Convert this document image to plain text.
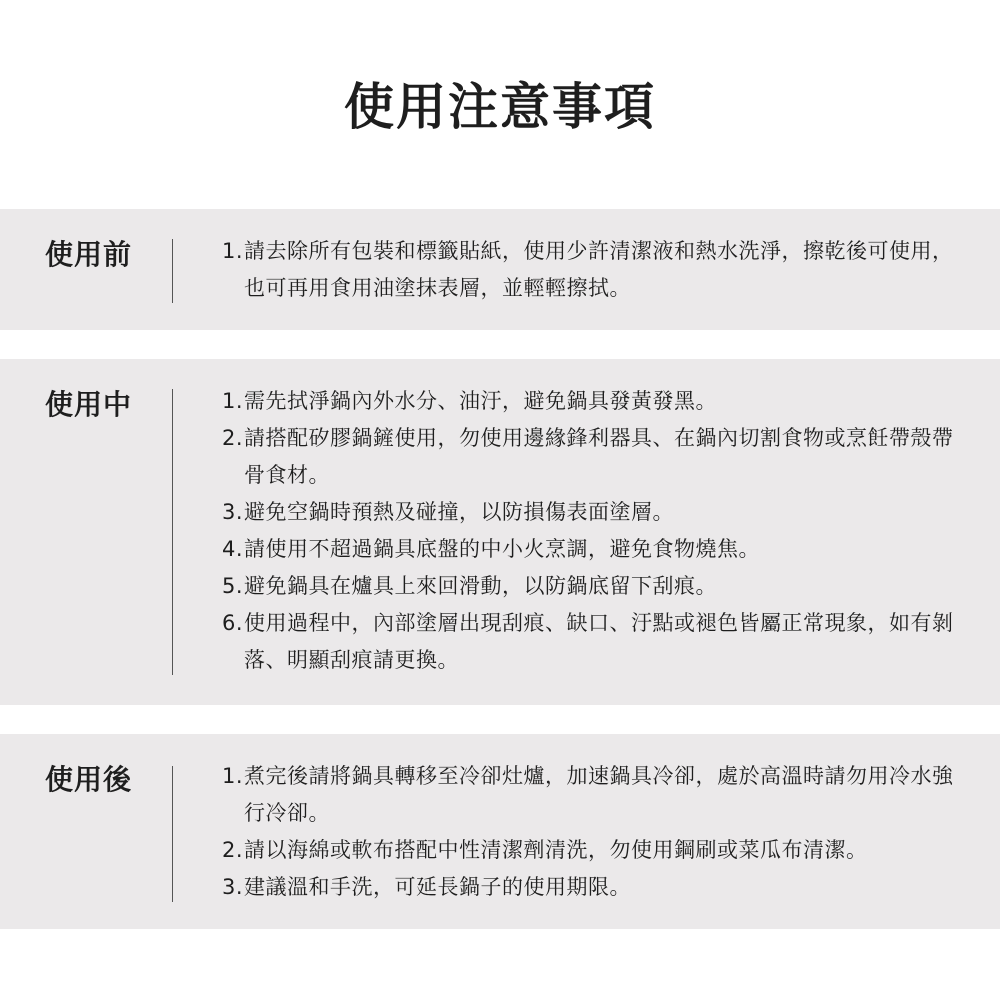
使用注意事項
使用前	1. 請去除所有包裝和標籤貼紙，使用少許清潔液和熱水洗淨，擦乾後可使用，也可再用食用油塗抹表層，並輕輕擦拭。
使用中	1. 需先拭淨鍋內外水分、油汙，避免鍋具發黃發黑。
2. 請搭配矽膠鍋鏟使用，勿使用邊緣鋒利器具、在鍋內切割食物或烹飪帶殼帶骨食材。
3. 避免空鍋時預熱及碰撞，以防損傷表面塗層。
4. 請使用不超過鍋具底盤的中小火烹調，避免食物燒焦。
5. 避免鍋具在爐具上來回滑動，以防鍋底留下刮痕。
6. 使用過程中，內部塗層出現刮痕、缺口、汙點或褪色皆屬正常現象，如有剝落、明顯刮痕請更換。
使用後	1. 煮完後請將鍋具轉移至冷卻灶爐，加速鍋具冷卻，處於高溫時請勿用冷水強行冷卻。
2. 請以海綿或軟布搭配中性清潔劑清洗，勿使用鋼刷或菜瓜布清潔。
3. 建議溫和手洗，可延長鍋子的使用期限。
